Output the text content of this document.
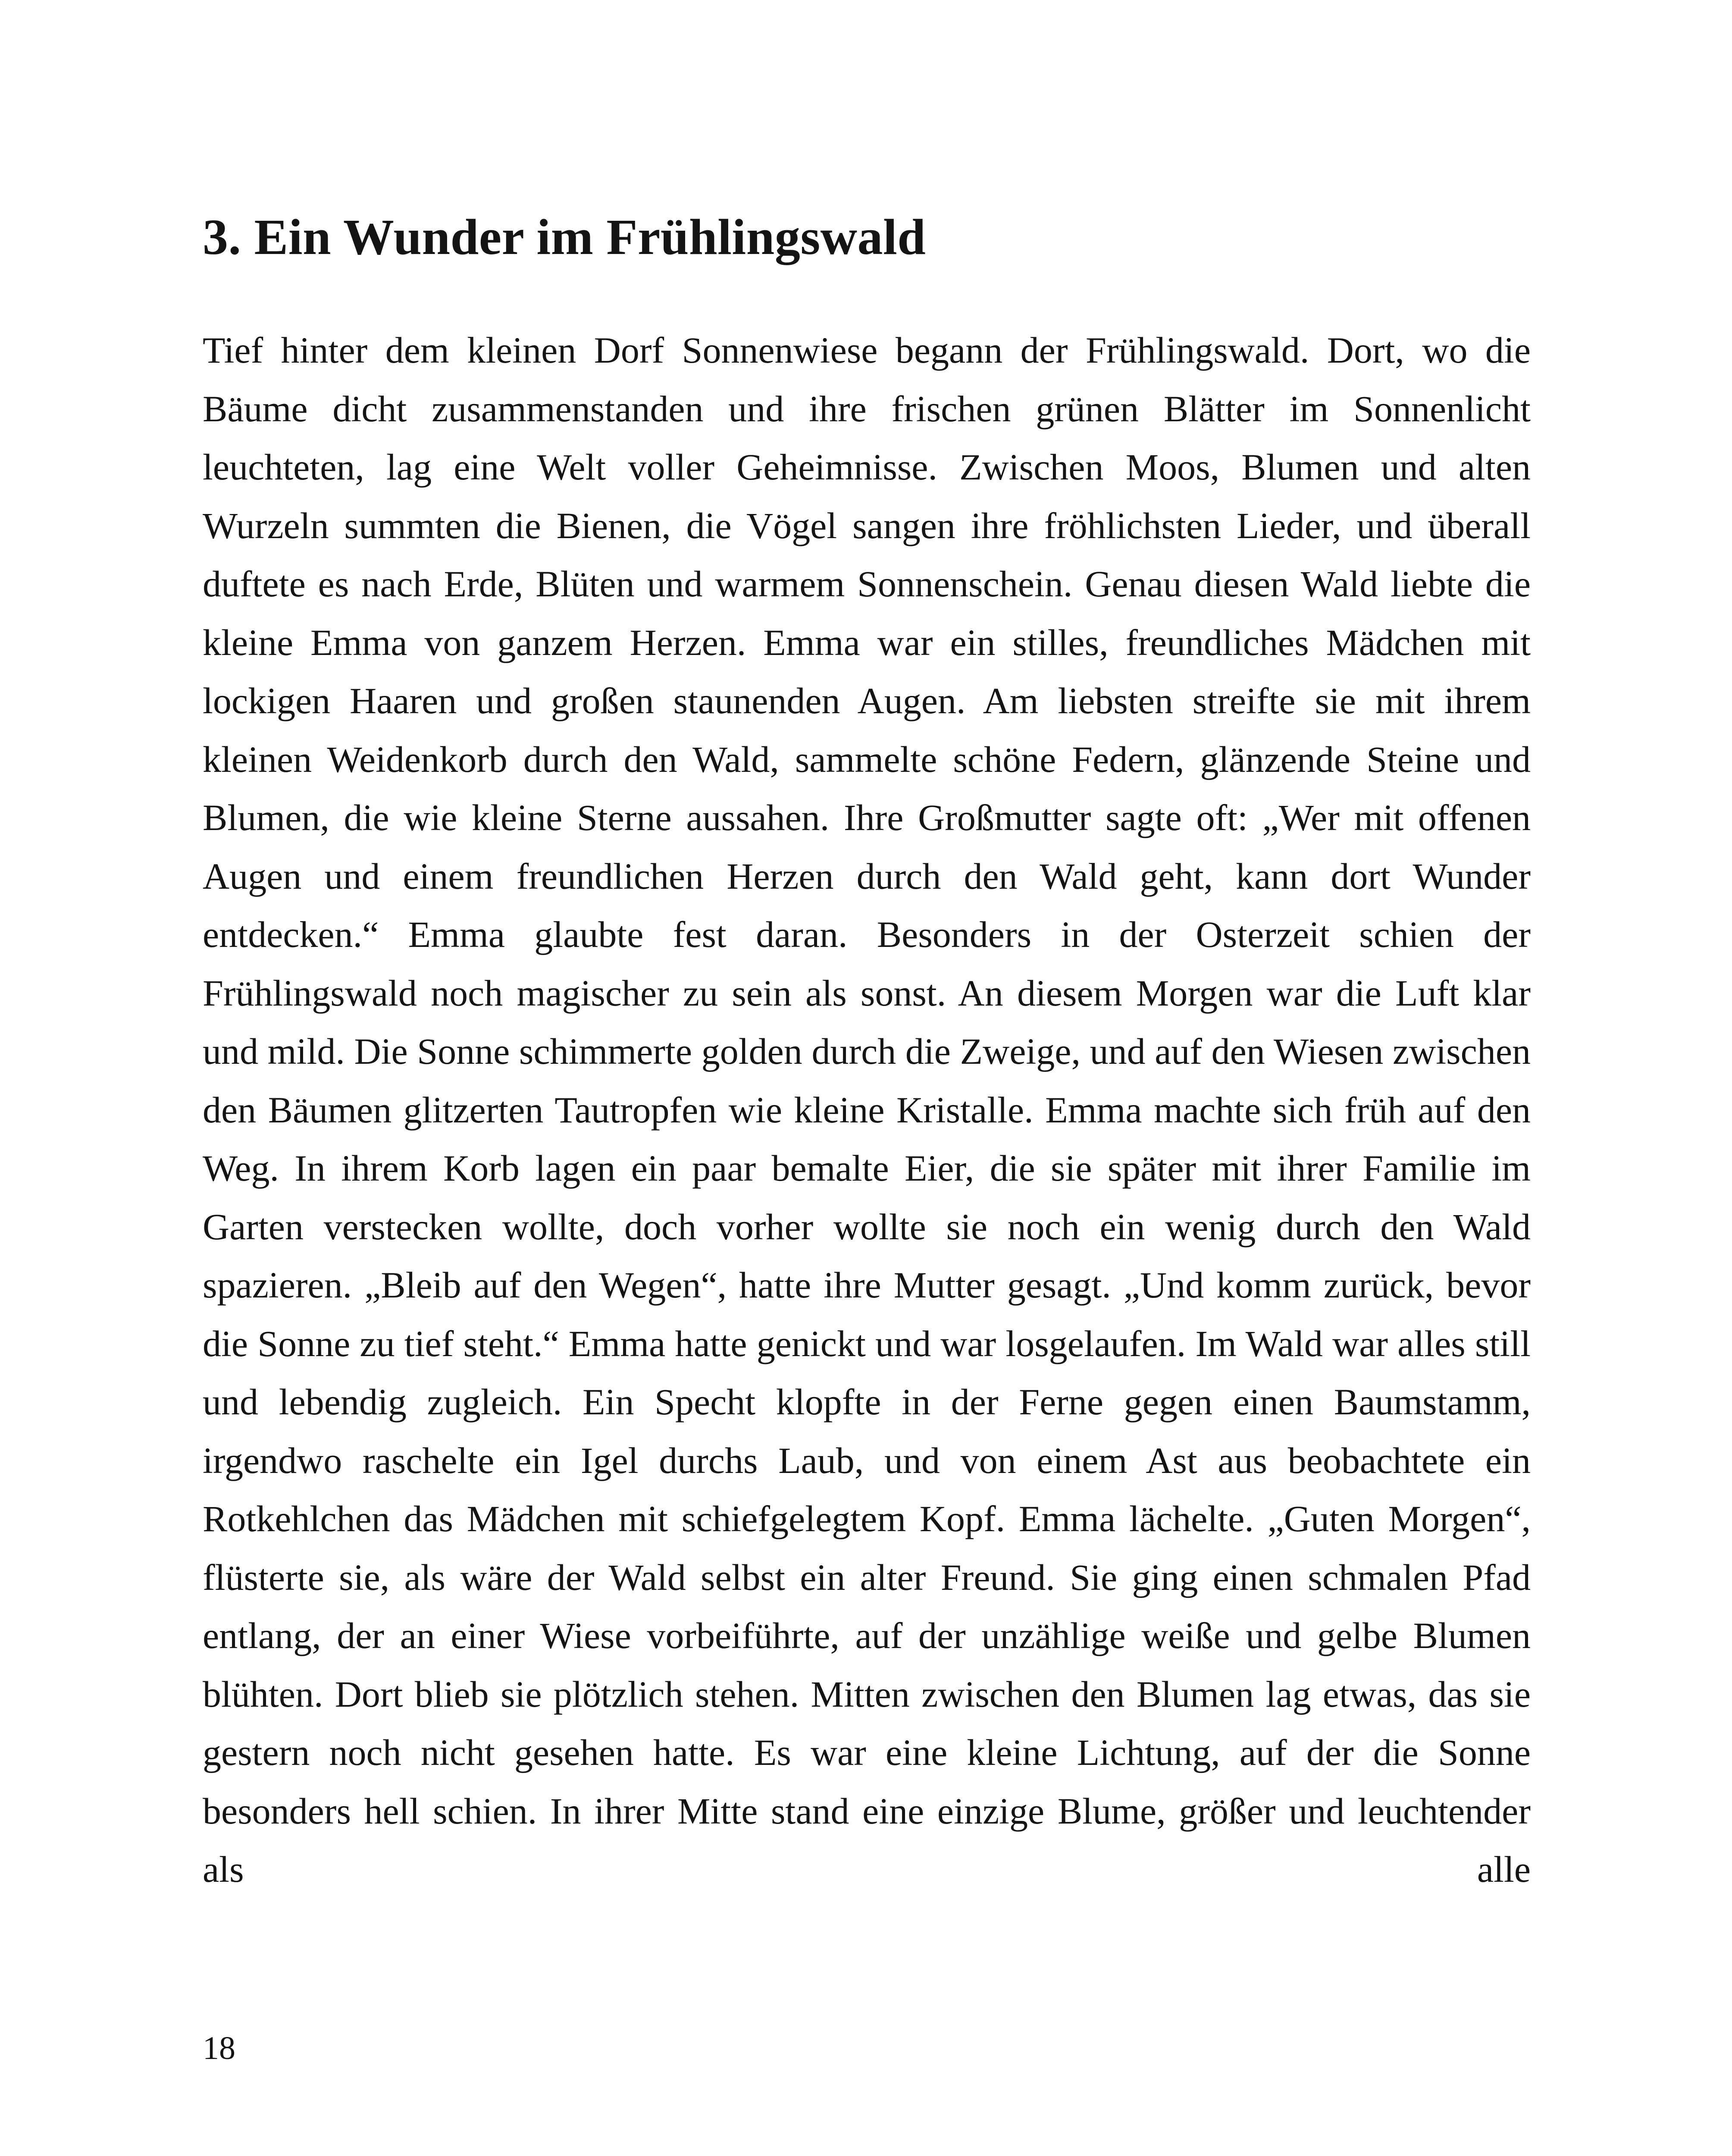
3. Ein Wunder im Frühlingswald

Tief hinter dem kleinen Dorf Sonnenwiese begann der Frühlingswald. Dort, wo die Bäume dicht zusammenstanden und ihre frischen grünen Blätter im Sonnenlicht leuchteten, lag eine Welt voller Geheimnisse. Zwischen Moos, Blumen und alten Wurzeln summten die Bienen, die Vögel sangen ihre fröhlichsten Lieder, und überall duftete es nach Erde, Blüten und warmem Sonnenschein. Genau diesen Wald liebte die kleine Emma von ganzem Herzen. Emma war ein stilles, freundliches Mädchen mit lockigen Haaren und großen staunenden Augen. Am liebsten streifte sie mit ihrem kleinen Weidenkorb durch den Wald, sammelte schöne Federn, glänzende Steine und Blumen, die wie kleine Sterne aussahen. Ihre Großmutter sagte oft: „Wer mit offenen Augen und einem freundlichen Herzen durch den Wald geht, kann dort Wunder entdecken.“ Emma glaubte fest daran. Besonders in der Osterzeit schien der Frühlingswald noch magischer zu sein als sonst. An diesem Morgen war die Luft klar und mild. Die Sonne schimmerte golden durch die Zweige, und auf den Wiesen zwischen den Bäumen glitzerten Tautropfen wie kleine Kristalle. Emma machte sich früh auf den Weg. In ihrem Korb lagen ein paar bemalte Eier, die sie später mit ihrer Familie im Garten verstecken wollte, doch vorher wollte sie noch ein wenig durch den Wald spazieren. „Bleib auf den Wegen“, hatte ihre Mutter gesagt. „Und komm zurück, bevor die Sonne zu tief steht.“ Emma hatte genickt und war losgelaufen. Im Wald war alles still und lebendig zugleich. Ein Specht klopfte in der Ferne gegen einen Baumstamm, irgendwo raschelte ein Igel durchs Laub, und von einem Ast aus beobachtete ein Rotkehlchen das Mädchen mit schiefgelegtem Kopf. Emma lächelte. „Guten Morgen“, flüsterte sie, als wäre der Wald selbst ein alter Freund. Sie ging einen schmalen Pfad entlang, der an einer Wiese vorbeiführte, auf der unzählige weiße und gelbe Blumen blühten. Dort blieb sie plötzlich stehen. Mitten zwischen den Blumen lag etwas, das sie gestern noch nicht gesehen hatte. Es war eine kleine Lichtung, auf der die Sonne besonders hell schien. In ihrer Mitte stand eine einzige Blume, größer und leuchtender als alle

18
